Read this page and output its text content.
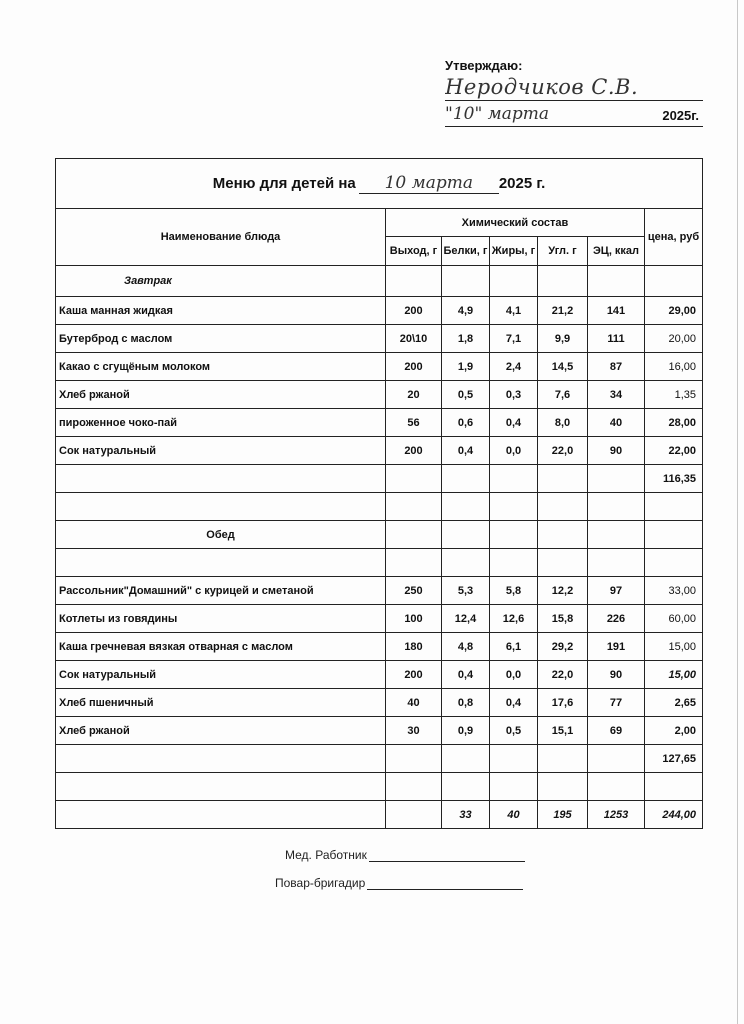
Утверждаю:
Неродчиков С.В.
"10" марта	2025г.
Меню для детей на 10 марта 2025 г.						
Наименование блюда	Химический состав					цена, руб
	Выход, г	Белки, г	Жиры, г	Угл. г	ЭЦ, ккал	
Завтрак						
Каша манная жидкая	200	4,9	4,1	21,2	141	29,00
Бутерброд с маслом	20\10	1,8	7,1	9,9	111	20,00
Какао с сгущёным молоком	200	1,9	2,4	14,5	87	16,00
Хлеб ржаной	20	0,5	0,3	7,6	34	1,35
пироженное чоко-пай	56	0,6	0,4	8,0	40	28,00
Сок натуральный	200	0,4	0,0	22,0	90	22,00
						116,35

Обед						

Рассольник"Домашний" с курицей и сметаной	250	5,3	5,8	12,2	97	33,00
Котлеты из говядины	100	12,4	12,6	15,8	226	60,00
Каша гречневая вязкая отварная с маслом	180	4,8	6,1	29,2	191	15,00
Сок натуральный	200	0,4	0,0	22,0	90	15,00
Хлеб пшеничный	40	0,8	0,4	17,6	77	2,65
Хлеб ржаной	30	0,9	0,5	15,1	69	2,00
						127,65

		33	40	195	1253	244,00
Мед. Работник
Повар-бригадир
